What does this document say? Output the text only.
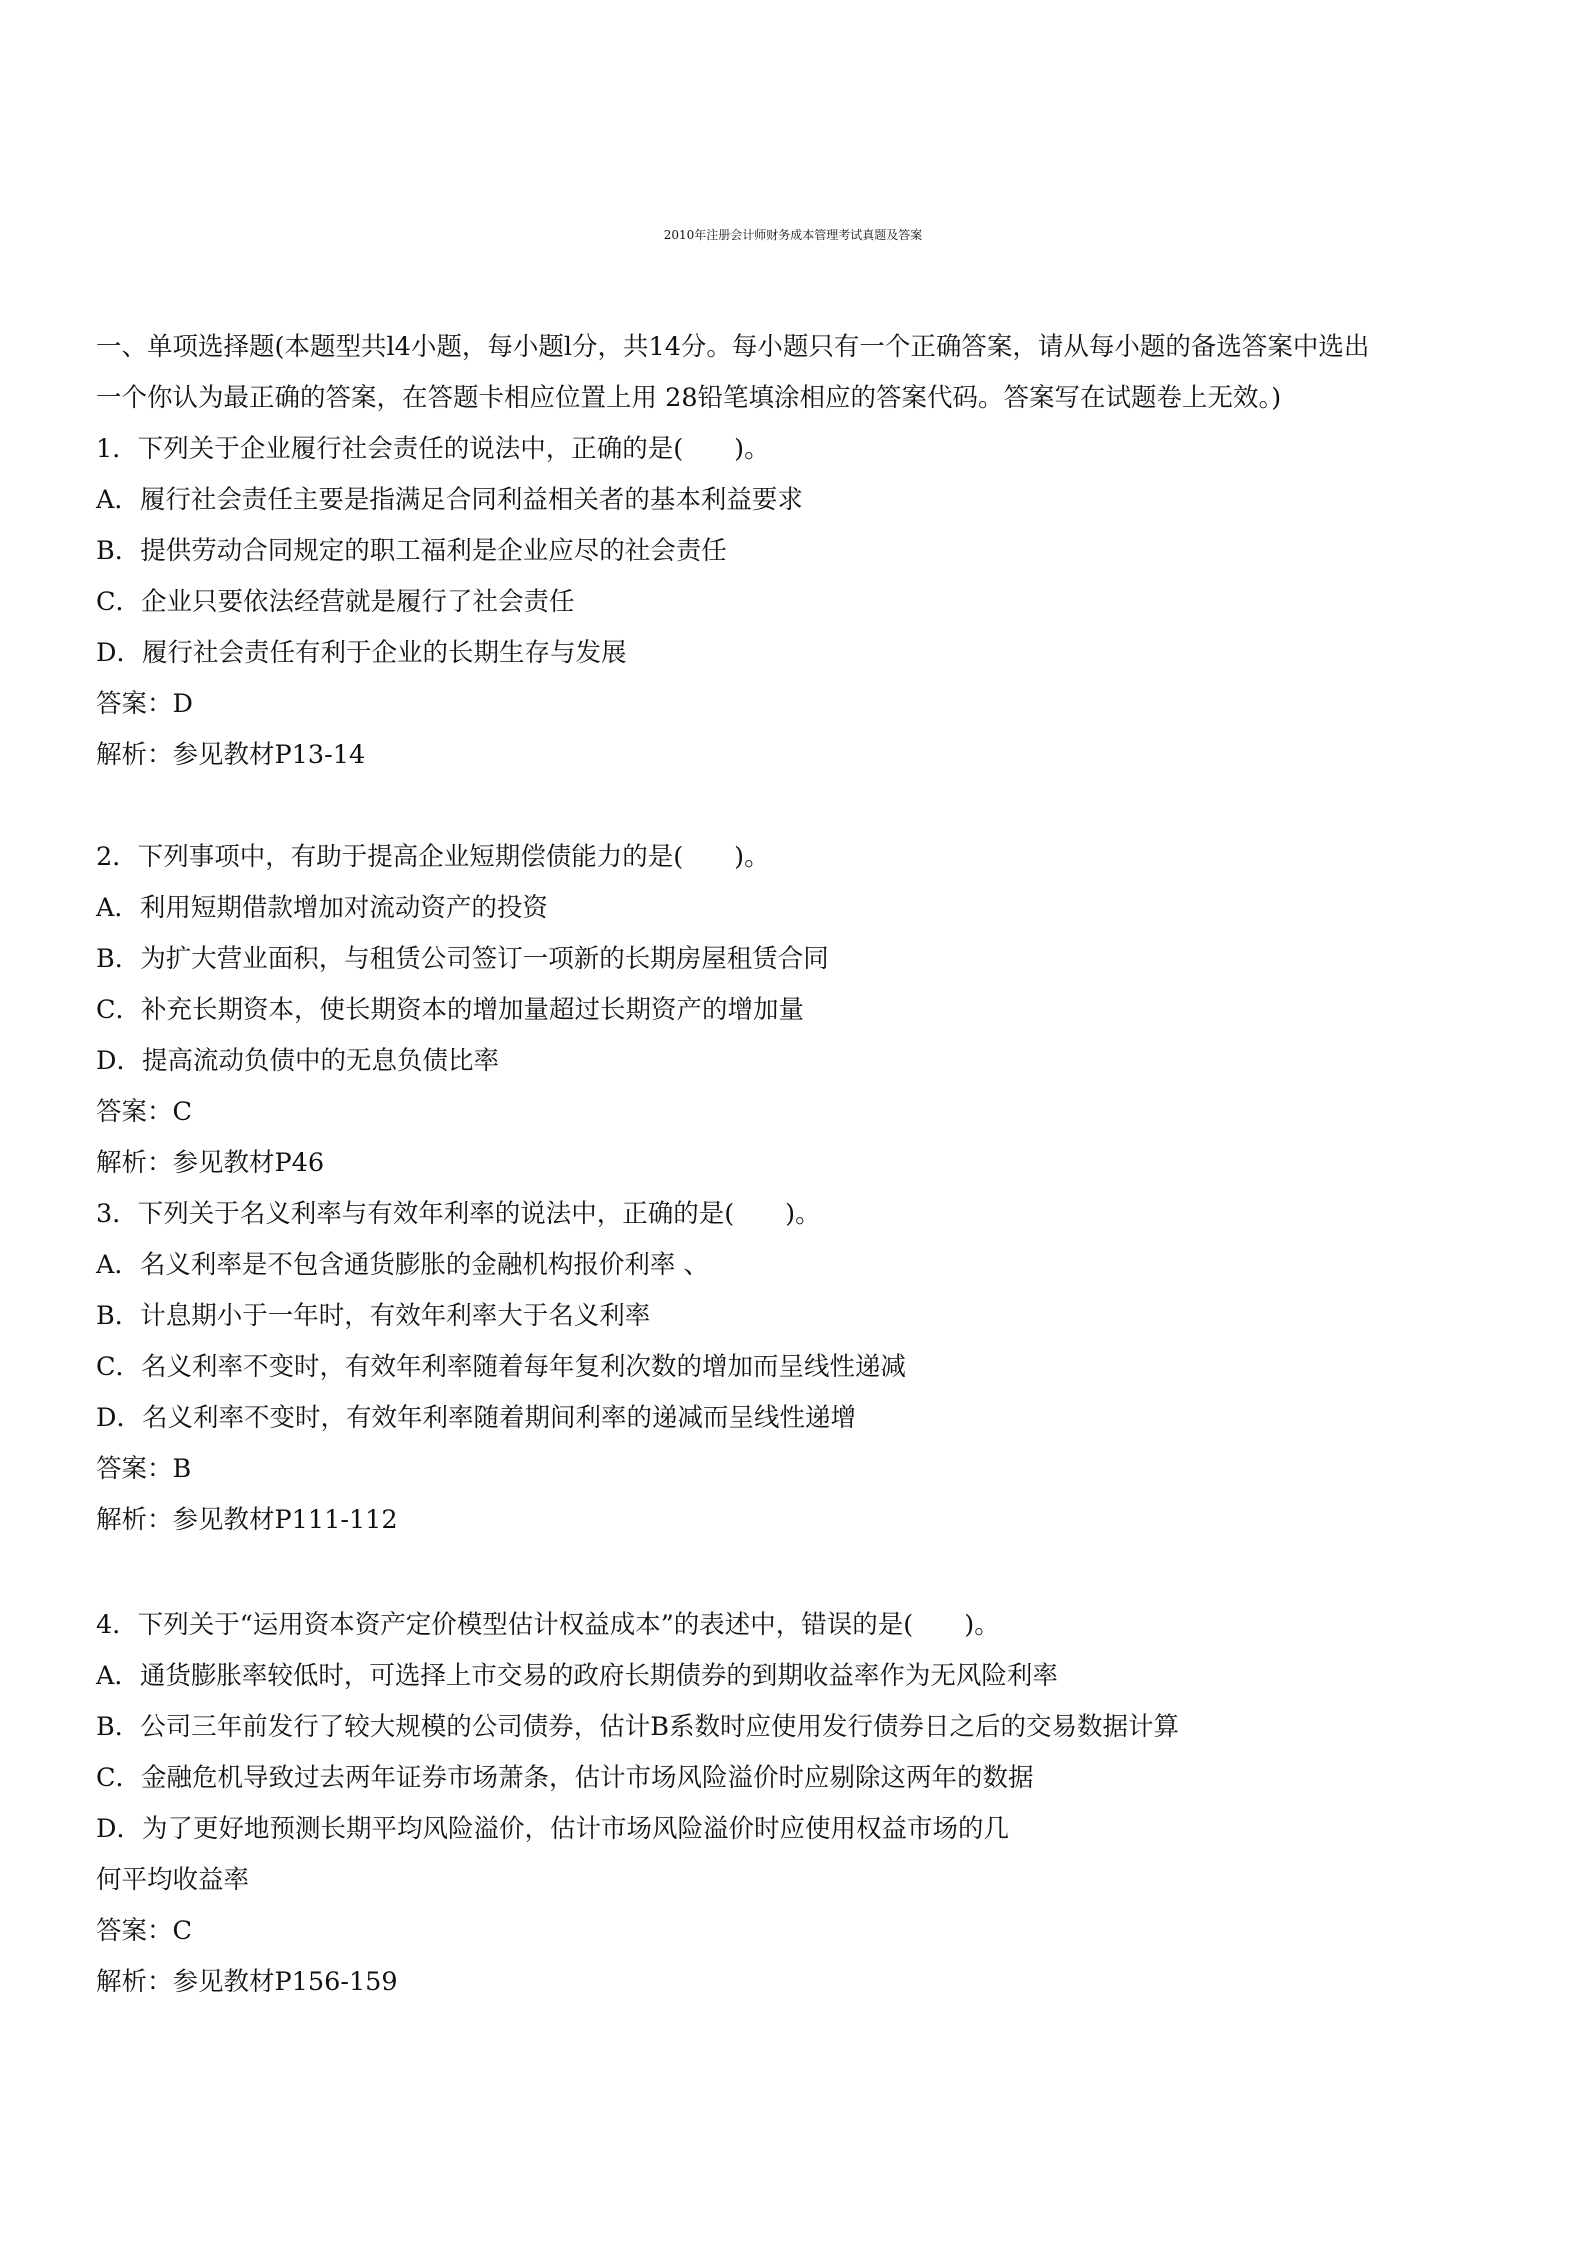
2010年注册会计师财务成本管理考试真题及答案
一、单项选择题(本题型共l4小题，每小题l分，共14分。每小题只有一个正确答案，请从每小题的备选答案中选出
一个你认为最正确的答案，在答题卡相应位置上用 28铅笔填涂相应的答案代码。答案写在试题卷上无效。)
1．下列关于企业履行社会责任的说法中，正确的是(　　)。
A．履行社会责任主要是指满足合同利益相关者的基本利益要求
B．提供劳动合同规定的职工福利是企业应尽的社会责任
C．企业只要依法经营就是履行了社会责任
D．履行社会责任有利于企业的长期生存与发展
答案：D
解析：参见教材P13-14
2．下列事项中，有助于提高企业短期偿债能力的是(　　)。
A．利用短期借款增加对流动资产的投资
B．为扩大营业面积，与租赁公司签订一项新的长期房屋租赁合同
C．补充长期资本，使长期资本的增加量超过长期资产的增加量
D．提高流动负债中的无息负债比率
答案：C
解析：参见教材P46
3．下列关于名义利率与有效年利率的说法中，正确的是(　　)。
A．名义利率是不包含通货膨胀的金融机构报价利率 、
B．计息期小于一年时，有效年利率大于名义利率
C．名义利率不变时，有效年利率随着每年复利次数的增加而呈线性递减
D．名义利率不变时，有效年利率随着期间利率的递减而呈线性递增
答案：B
解析：参见教材P111-112
4．下列关于“运用资本资产定价模型估计权益成本”的表述中，错误的是(　　)。
A．通货膨胀率较低时，可选择上市交易的政府长期债券的到期收益率作为无风险利率
B．公司三年前发行了较大规模的公司债券，估计B系数时应使用发行债券日之后的交易数据计算
C．金融危机导致过去两年证券市场萧条，估计市场风险溢价时应剔除这两年的数据
D．为了更好地预测长期平均风险溢价，估计市场风险溢价时应使用权益市场的几
何平均收益率
答案：C
解析：参见教材P156-159
